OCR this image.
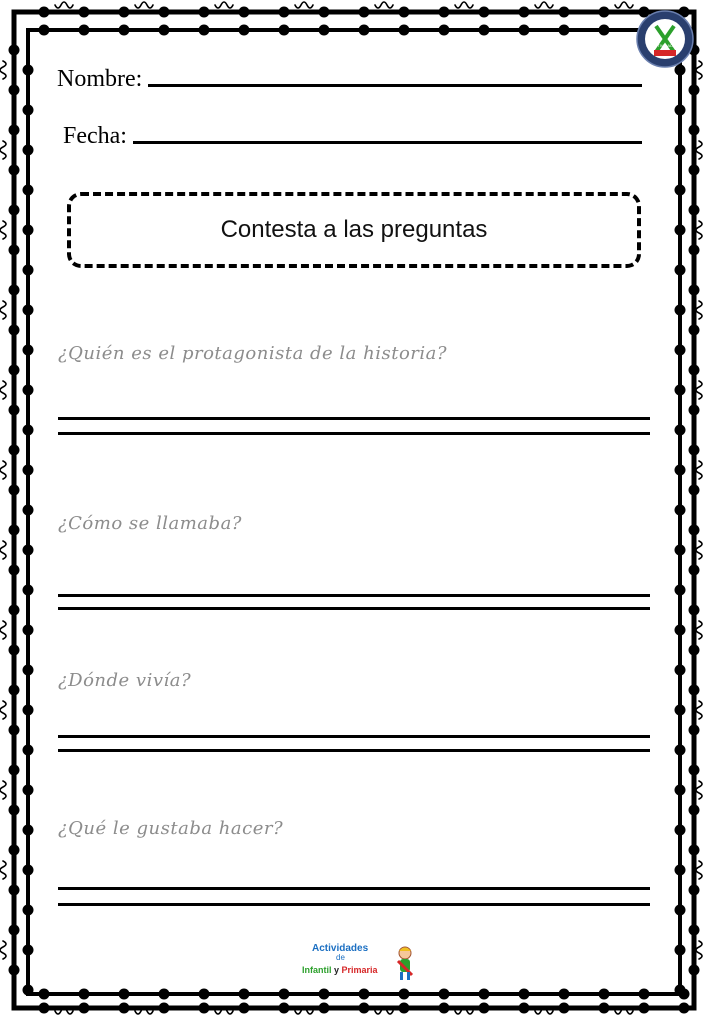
ACTIVIDADES
Nombre:
Fecha:
Contesta a las preguntas
¿Quién es el protagonista de la historia?
¿Cómo se llamaba?
¿Dónde vivía?
¿Qué le gustaba hacer?
Actividades
de
Infantil y Primaria
